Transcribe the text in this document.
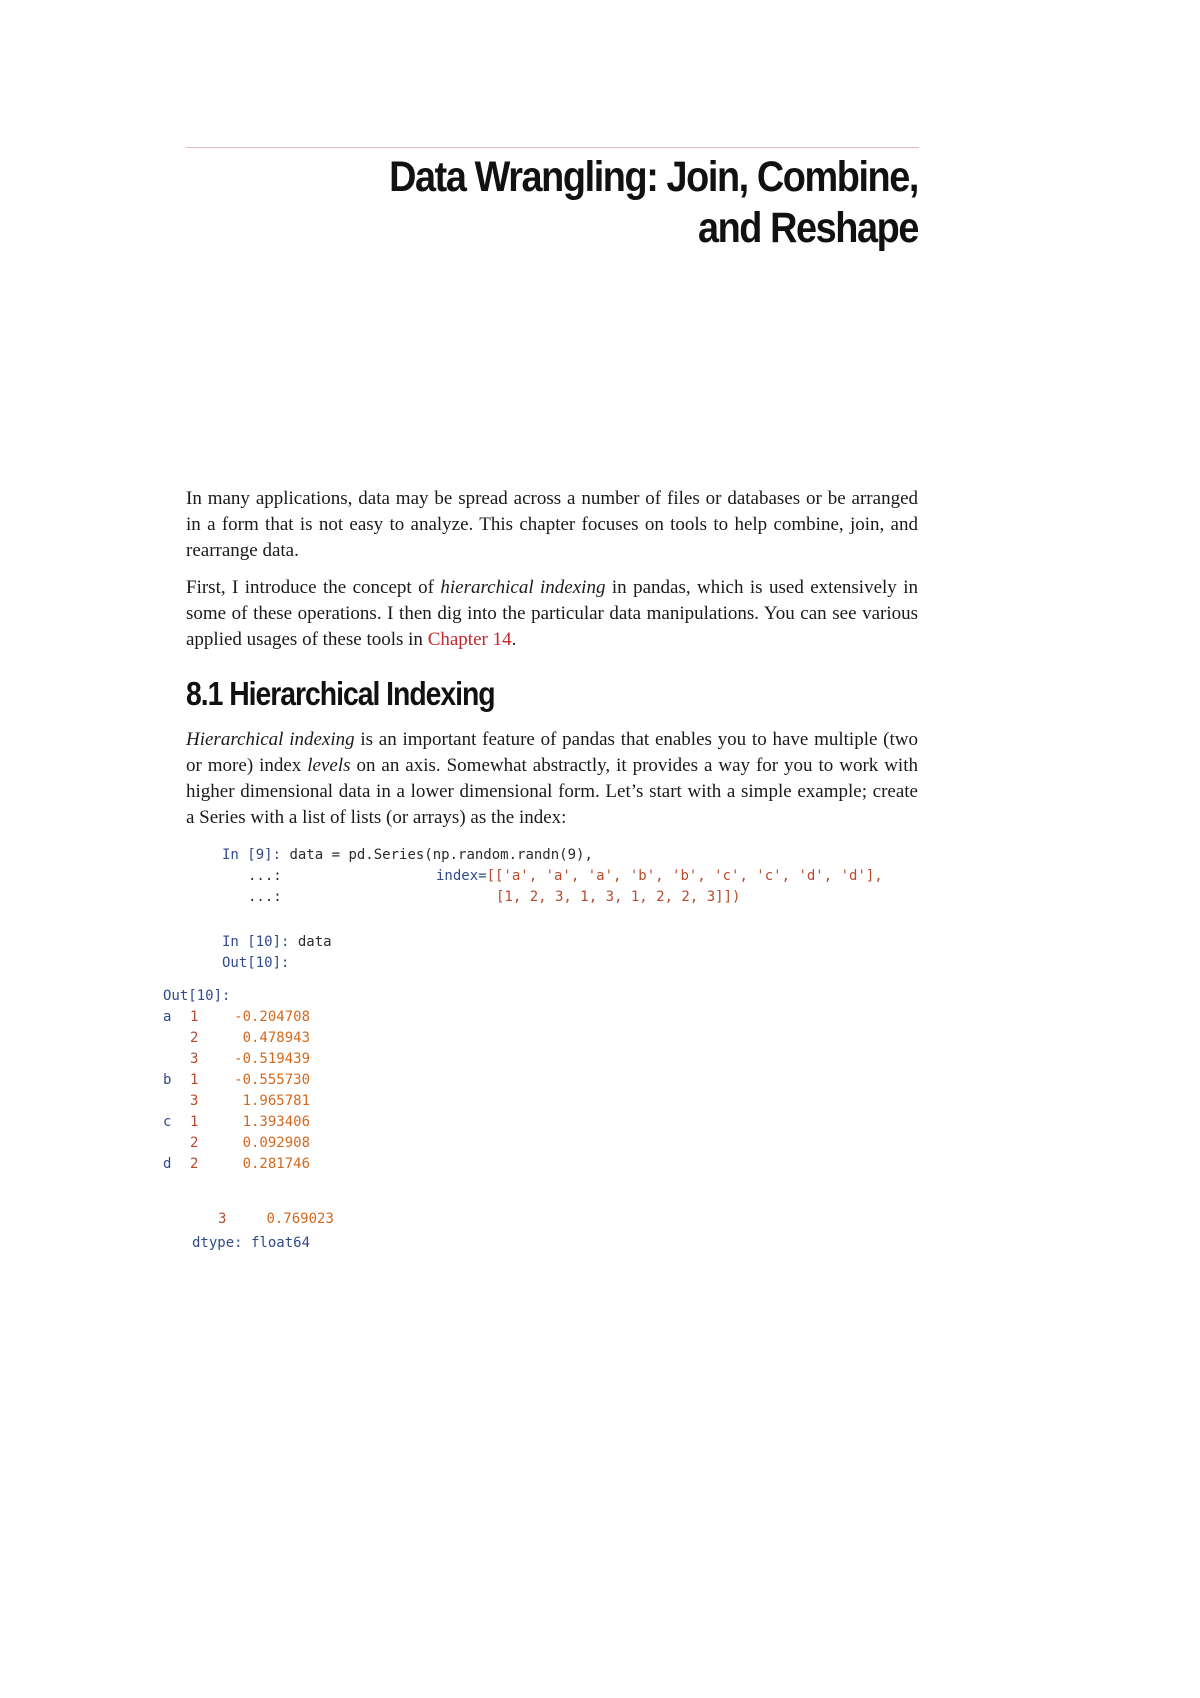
Data Wrangling: Join, Combine,
and Reshape

In many applications, data may be spread across a number of files or databases or be arranged in a form that is not easy to analyze. This chapter focuses on tools to help combine, join, and rearrange data.

First, I introduce the concept of hierarchical indexing in pandas, which is used extensively in some of these operations. I then dig into the particular data manipulations. You can see various applied usages of these tools in Chapter 14.

8.1 Hierarchical Indexing

Hierarchical indexing is an important feature of pandas that enables you to have multiple (two or more) index levels on an axis. Somewhat abstractly, it provides a way for you to work with higher dimensional data in a lower dimensional form. Let’s start with a simple example; create a Series with a list of lists (or arrays) as the index:

In [9]: data = pd.Series(np.random.randn(9),
...:	index=[['a', 'a', 'a', 'b', 'b', 'c', 'c', 'd', 'd'],
...:	[1, 2, 3, 1, 3, 1, 2, 2, 3]])
In [10]: data
Out[10]:
Out[10]:
a 1	-0.204708
2	0.478943
3	-0.519439
b 1	-0.555730
3	1.965781
c 1	1.393406
2	0.092908
d 2	0.281746
3	0.769023
dtype: float64
